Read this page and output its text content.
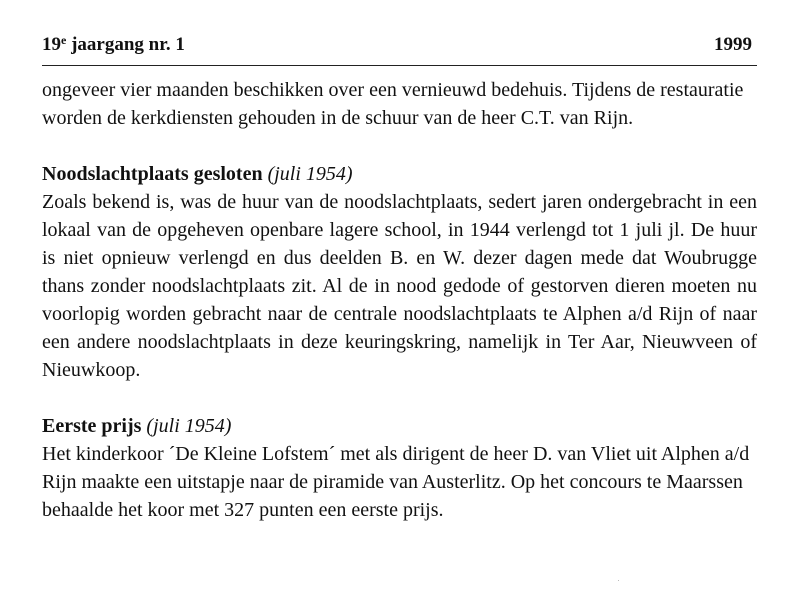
19e jaargang nr. 1	1999

ongeveer vier maanden beschikken over een vernieuwd bedehuis. Tijdens de restauratie worden de kerkdiensten gehouden in de schuur van de heer C.T. van Rijn.

Noodslachtplaats gesloten (juli 1954)

Zoals bekend is, was de huur van de noodslachtplaats, sedert jaren ondergebracht in een lokaal van de opgeheven openbare lagere school, in 1944 verlengd tot 1 juli jl. De huur is niet opnieuw verlengd en dus deelden B. en W. dezer dagen mede dat Woubrugge thans zonder noodslachtplaats zit. Al de in nood gedode of gestorven dieren moeten nu voorlopig worden gebracht naar de centrale noodslachtplaats te Alphen a/d Rijn of naar een andere noodslachtplaats in deze keuringskring, namelijk in Ter Aar, Nieuwveen of Nieuwkoop.

Eerste prijs (juli 1954)

Het kinderkoor ´De Kleine Lofstem´ met als dirigent de heer D. van Vliet uit Alphen a/d Rijn maakte een uitstapje naar de piramide van Austerlitz. Op het concours te Maarssen behaalde het koor met 327 punten een eerste prijs.
